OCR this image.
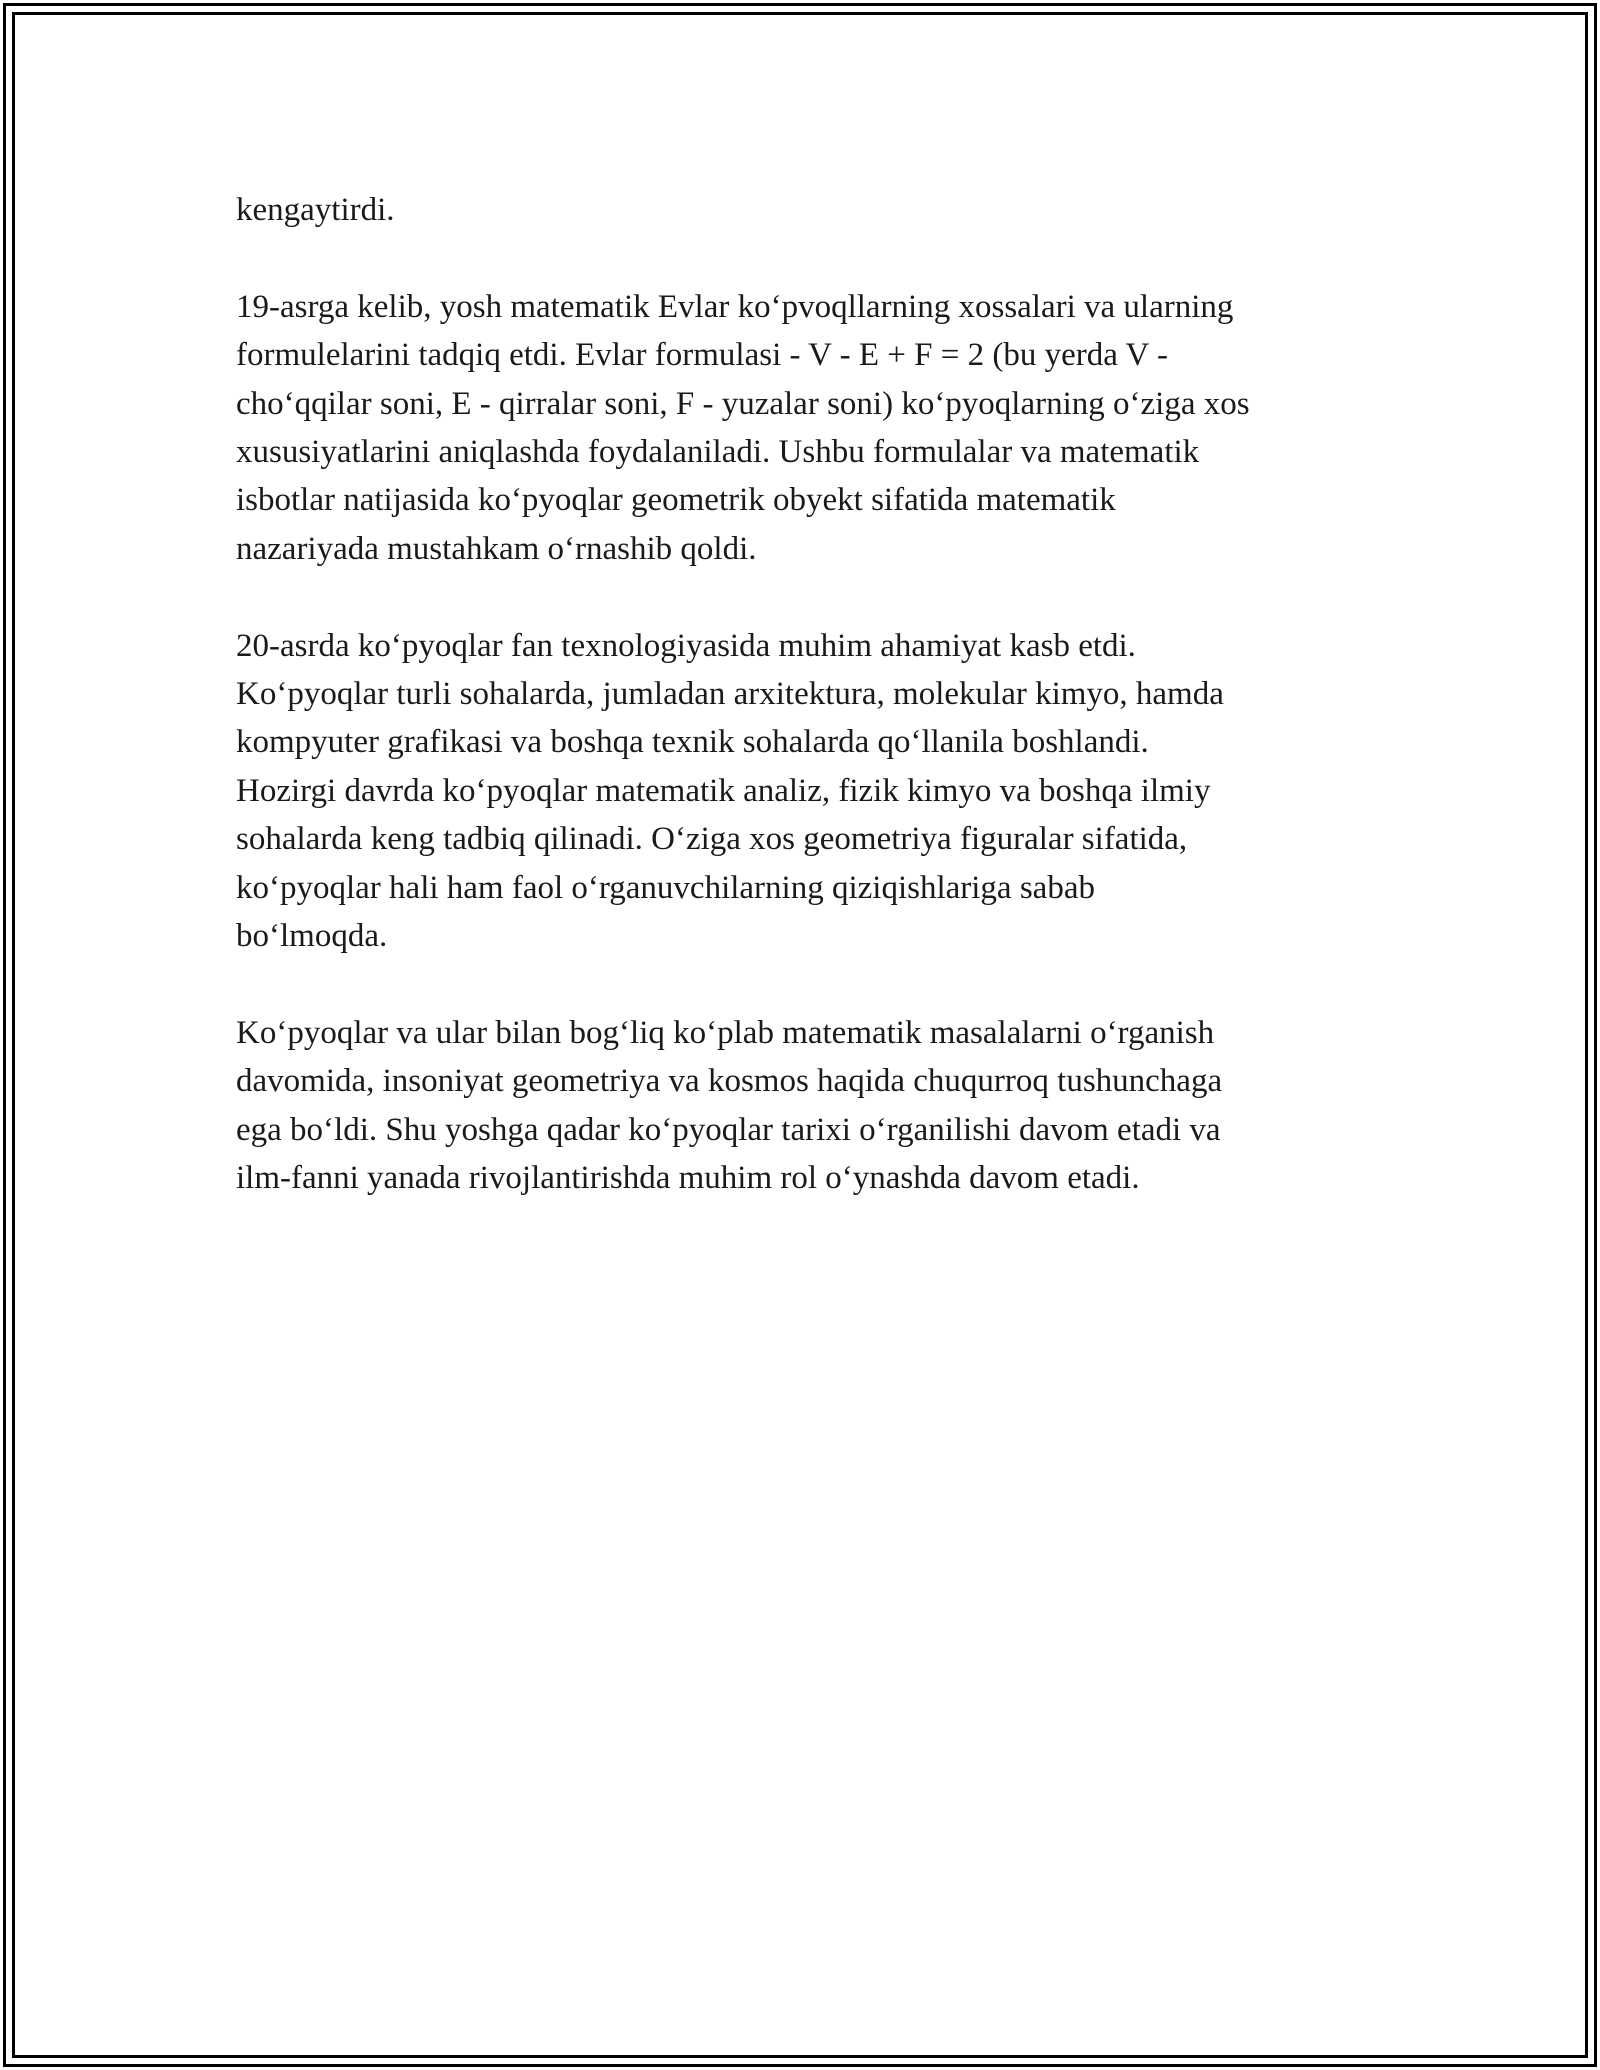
kengaytirdi.

19-asrga kelib, yosh matematik Evlar ko‘pvoqllarning xossalari va ularning
formulelarini tadqiq etdi. Evlar formulasi - V - E + F = 2 (bu yerda V -
cho‘qqilar soni, E - qirralar soni, F - yuzalar soni) ko‘pyoqlarning o‘ziga xos
xususiyatlarini aniqlashda foydalaniladi. Ushbu formulalar va matematik
isbotlar natijasida ko‘pyoqlar geometrik obyekt sifatida matematik
nazariyada mustahkam o‘rnashib qoldi.

20-asrda ko‘pyoqlar fan texnologiyasida muhim ahamiyat kasb etdi.
Ko‘pyoqlar turli sohalarda, jumladan arxitektura, molekular kimyo, hamda
kompyuter grafikasi va boshqa texnik sohalarda qo‘llanila boshlandi.
Hozirgi davrda ko‘pyoqlar matematik analiz, fizik kimyo va boshqa ilmiy
sohalarda keng tadbiq qilinadi. O‘ziga xos geometriya figuralar sifatida,
ko‘pyoqlar hali ham faol o‘rganuvchilarning qiziqishlariga sabab
bo‘lmoqda.

Ko‘pyoqlar va ular bilan bog‘liq ko‘plab matematik masalalarni o‘rganish
davomida, insoniyat geometriya va kosmos haqida chuqurroq tushunchaga
ega bo‘ldi. Shu yoshga qadar ko‘pyoqlar tarixi o‘rganilishi davom etadi va
ilm-fanni yanada rivojlantirishda muhim rol o‘ynashda davom etadi.
